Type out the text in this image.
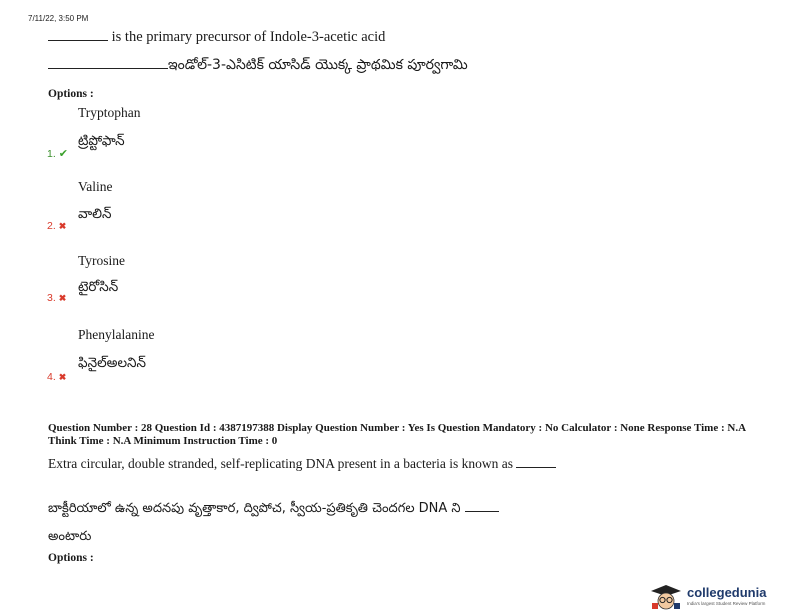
7/11/22, 3:50 PM
is the primary precursor of Indole-3-acetic acid
ఇండోల్-3-ఎసిటిక్ యాసిడ్ యొక్క ప్రాథమిక పూర్వగామి
Options :
Tryptophan
ట్రిప్టోఫాన్
1. ✔
Valine
వాలిన్
2. ✖
Tyrosine
టైరోసిన్
3. ✖
Phenylalanine
ఫినైల్అలనిన్
4. ✖
Question Number : 28 Question Id : 4387197388 Display Question Number : Yes Is Question Mandatory : No Calculator : None Response Time : N.A Think Time : N.A Minimum Instruction Time : 0
Extra circular, double stranded, self-replicating DNA present in a bacteria is known as
బాక్టీరియాలో ఉన్న అదనపు వృత్తాకార, ద్విపోచ, స్వీయ-ప్రతికృతి చెందగల DNA ని
అంటారు
Options :
collegedunia
India's largest Student Review Platform
